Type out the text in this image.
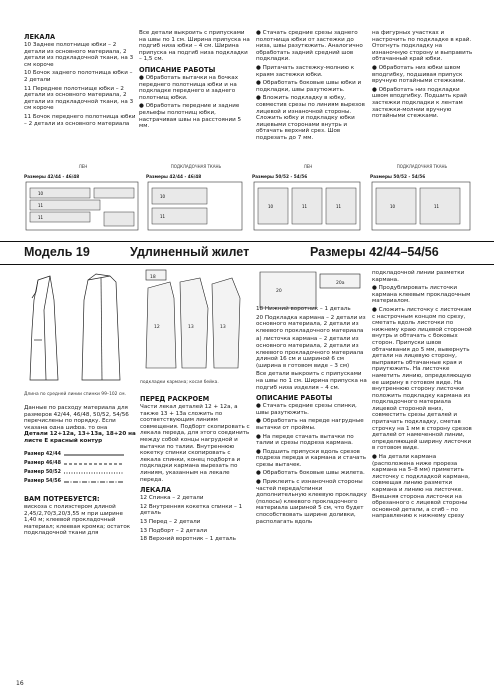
ЛЕКАЛА

10 Заднее полотнище юбки – 2 детали из основного материала, 2 детали из подкладочной ткани, на 3 см короче

10 Бочок заднего полотнища юбки – 2 детали

11 Переднее полотнище юбки – 2 детали из основного материала, 2 детали из подкладочной ткани, на 3 см короче

11 Бочок переднего полотнища юбки – 2 детали из основного материала

Все детали выкроить с припусками на швы по 1 см. Ширина припуска на подгиб низа юбки – 4 см. Ширина припуска на подгиб низа подкладки – 1,5 см.

ОПИСАНИЕ РАБОТЫ

● Обработать вытачки на бочках переднего полотнища юбки и на подкладке переднего и заднего полотнищ юбки.

● Обработать передние и задние рельефы полотнищ юбки, настрачивая швы на расстоянии 5 мм.

● Стачать средние срезы заднего полотнища юбки от застежки до низа, швы разутюжить. Аналогично обработать задний средний шов подкладки.

● Притачать застежку-молнию к краям застежки юбки.

● Обработать боковые швы юбки и подкладки, швы разутюжить.

● Вложить подкладку в юбку, совместив срезы по линиям вырезов лицевой и изнаночной стороны. Сложить юбку и подкладку юбки лицевыми сторонами внутрь и обтачать верхний срез. Шов подрезать до 7 мм.

на фигурных участках и настрочить по подкладке в край. Отогнуть подкладку на изнаночную сторону и выправить обтачанный край юбки.

● Обработать низ юбки швом вподгибку, подшивая припуск вручную потайными стежками.

● Обработать низ подкладки швом вподгибку. Подшить край застежки подкладки к лентам застежки-молнии вручную потайными стежками.

ЛЕН
Размеры 42/44 - 46/48
10
11
11
ПОДКЛАДОЧНАЯ ТКАНЬ
Размеры 42/44 - 46/48
10
11
ЛЕН
Размеры 50/52 - 54/56
10	11	11
ПОДКЛАДОЧНАЯ ТКАНЬ
Размеры 50/52 - 54/56
10	11
Модель 19	Удлиненный жилет	Размеры 42/44–54/56
Длина по средней линии спинки 99–102 см.
Данные по расходу материала для размеров 42/44, 46/48, 50/52, 54/56 перечислены по порядку. Если указана одна цифра, то она
Детали 12+12а, 13+13а, 18+20 на листе Е красный контур
Размер 42/44
Размер 46/48
Размер 50/52
Размер 54/56
ВАМ ПОТРЕБУЕТСЯ:

вискоза с полиэстером длиной 2,45/2,70/3,20/3,55 м при ширине 1,40 м; клеевой прокладочный материал; клеевая кромка; остаток подкладочной ткани для

18
12	13	13
подкладки кармана; косая бейка.
ПЕРЕД РАСКРОЕМ

Части лекал деталей 12 + 12а, а также 13 + 13а сложить по соответствующим линиям совмещения. Подборт скопировать с лекала переда, для этого соединить между собой концы нагрудной и вытачки по талии. Внутреннюю кокетку спинки скопировать с лекала спинки, конец подборта и подкладки кармана вырезать по линиям, указанным на лекале переда.

ЛЕКАЛА

12 Спинка – 2 детали

12 Внутренняя кокетка спинки – 1 деталь

13 Перед – 2 детали

13 Подборт – 2 детали

18 Верхний воротник – 1 деталь

20
20а

18 Нижний воротник – 1 деталь

20 Подкладка кармана – 2 детали из основного материала, 2 детали из клеевого прокладочного материала

а) листочка кармана – 2 детали из основного материала, 2 детали из клеевого прокладочного материала длиной 16 см и шириной 6 см (ширина в готовом виде – 3 см)

Все детали выкроить с припусками на швы по 1 см. Ширина припуска на подгиб низа изделия – 4 см.

ОПИСАНИЕ РАБОТЫ

● Стачать средние срезы спинки, швы разутюжить.

● Обработать на переде нагрудные вытачки от проймы.

● На переде стачать вытачки по талии и срезы подреза кармана.

● Подшить припуски вдоль срезов подреза переда и кармана и стачать срезы вытачек.

● Обработать боковые швы жилета.

● Приклеить с изнаночной стороны частей переда/спинки дополнительную клеевую прокладку (полосы) клеевого прокладочного материала шириной 5 см, что будет способствовать ширине доливки, располагать вдоль

подкладочной линии разметки кармана.

● Продублировать листочки кармана клеевым прокладочным материалом.

● Сложить листочку с листочкам с настрочным концом по срезу, сметать вдоль листочки по нижнему краю лицевой стороной внутрь и обтачать с боковых сторон. Припуски швов обтачивания до 5 мм, вывернуть детали на лицевую сторону, выправить обтачанные края и приутюжить. На листочке наметить линию, определяющую ее ширину в готовом виде. На внутреннюю сторону листочки положить подкладку кармана из подкладочного материала лицевой стороной вниз, совместить срезы деталей и притачать подкладку, сметав строчку на 1 мм в сторону срезов деталей от намеченной линии, определяющей ширину листочки в готовом виде.

● На детали кармана (расположена ниже прореза кармана на 5–8 мм) приметить листочку с подкладкой кармана, совмещая линию разметки кармана и линию на листочке. Внешняя сторона листочки на обрезанного с лицевой стороны основной детали, а сгиб – по направлению к нижнему срезу

16
